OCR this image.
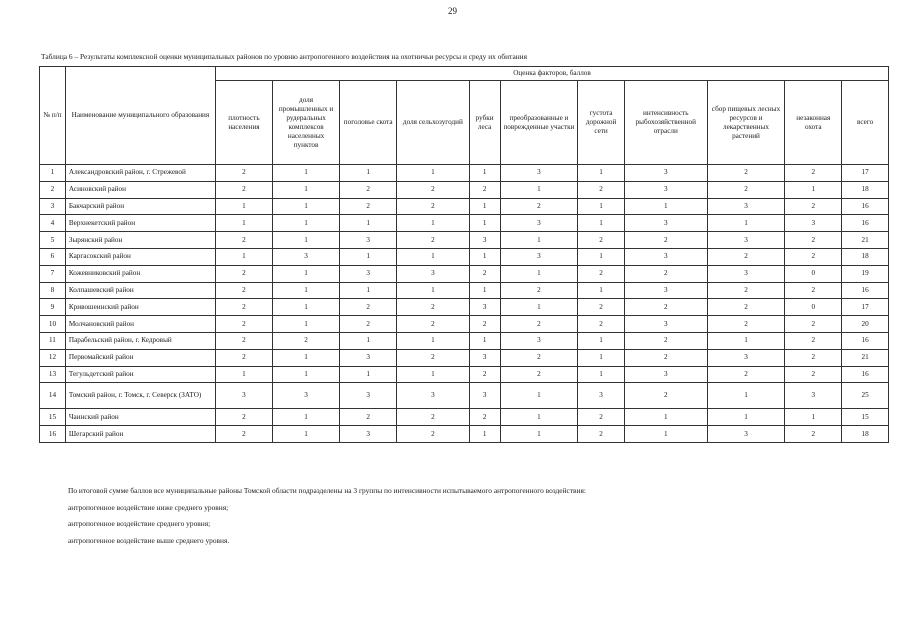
29
Таблица 6 – Результаты комплексной оценки муниципальных районов по уровню антропогенного воздействия на охотничьи ресурсы и среду их обитания
№ п/п	Наименование муниципального образования	Оценка факторов, баллов										
		плотность населения	доля промышленных и рудеральных комплексов населенных пунктов	поголовье скота	доля сельхозугодий	рубки леса	преобразованные и поврежденные участки	густота дорожной сети	интенсивность рыбохозяйственной отрасли	сбор пищевых лесных ресурсов и лекарственных растений	незаконная охота	всего
1	Александровский район, г. Стрежевой	2	1	1	1	1	3	1	3	2	2	17
2	Асиновский район	2	1	2	2	2	1	2	3	2	1	18
3	Бакчарский район	1	1	2	2	1	2	1	1	3	2	16
4	Верхнекетский район	1	1	1	1	1	3	1	3	1	3	16
5	Зырянский район	2	1	3	2	3	1	2	2	3	2	21
6	Каргасокский район	1	3	1	1	1	3	1	3	2	2	18
7	Кожевниковский район	2	1	3	3	2	1	2	2	3	0	19
8	Колпашевский район	2	1	1	1	1	2	1	3	2	2	16
9	Кривошеинский район	2	1	2	2	3	1	2	2	2	0	17
10	Молчановский район	2	1	2	2	2	2	2	3	2	2	20
11	Парабельский район, г. Кедровый	2	2	1	1	1	3	1	2	1	2	16
12	Первомайский район	2	1	3	2	3	2	1	2	3	2	21
13	Тегульдетский район	1	1	1	1	2	2	1	3	2	2	16
14	Томский район, г. Томск, г. Северск (ЗАТО)	3	3	3	3	3	1	3	2	1	3	25
15	Чаинский район	2	1	2	2	2	1	2	1	1	1	15
16	Шегарский район	2	1	3	2	1	1	2	1	3	2	18

По итоговой сумме баллов все муниципальные районы Томской области подразделены на 3 группы по интенсивности испытываемого антропогенного воздействия:

антропогенное воздействие ниже среднего уровня;

антропогенное воздействие среднего уровня;

антропогенное воздействие выше среднего уровня.
